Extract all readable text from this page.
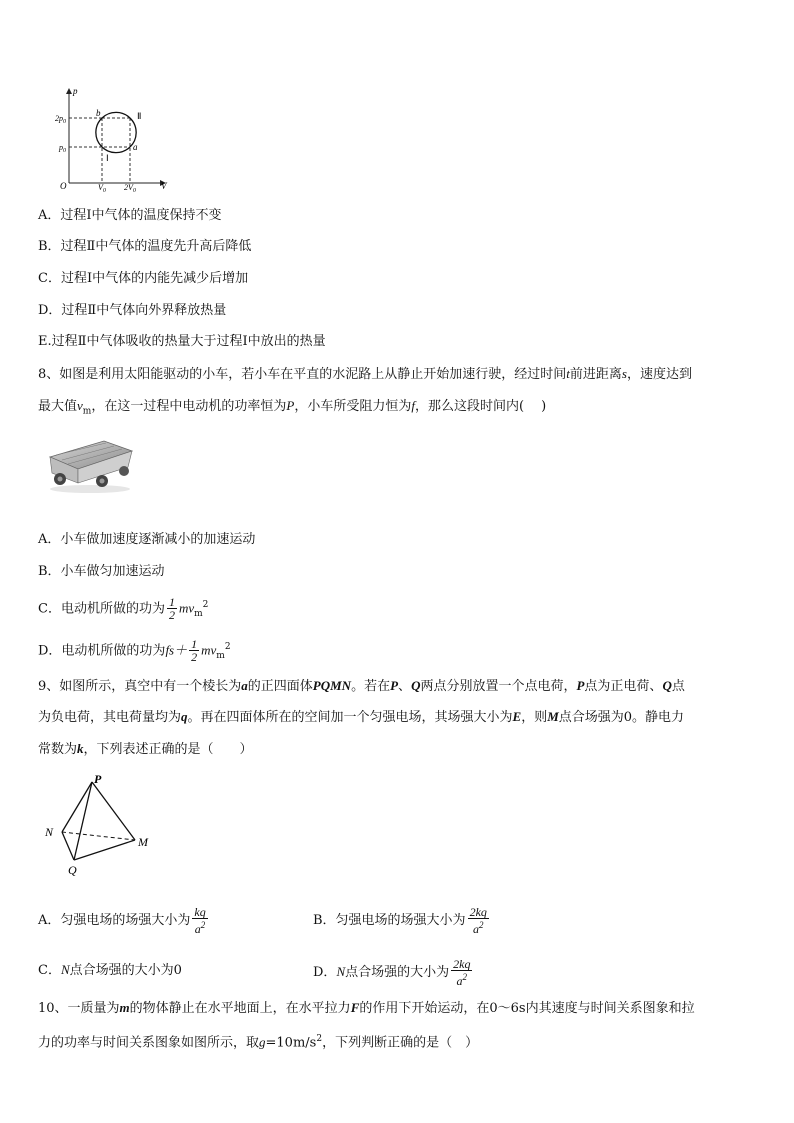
p
V
O
$2p_0$
$p_0$
$V_0$ $2V_0$
b
a
Ⅰ
Ⅱ
A．过程Ⅰ中气体的温度保持不变
B．过程Ⅱ中气体的温度先升高后降低
C．过程Ⅰ中气体的内能先减少后增加
D．过程Ⅱ中气体向外界释放热量
E.过程Ⅱ中气体吸收的热量大于过程Ⅰ中放出的热量
8、如图是利用太阳能驱动的小车，若小车在平直的水泥路上从静止开始加速行驶，经过时间t前进距离s，速度达到
最大值$v_m$，在这一过程中电动机的功率恒为P，小车所受阻力恒为f，那么这段时间内(　 )
A．小车做加速度逐渐减小的加速运动
B．小车做匀加速运动
C．电动机所做的功为 $\frac{1}{2} mv_m^2$
D．电动机所做的功为$fs+ \frac{1}{2} mv_m^2$
9、如图所示，真空中有一个棱长为a的正四面体PQMN。若在P、Q两点分别放置一个点电荷，P点为正电荷、Q点
为负电荷，其电荷量均为q。再在四面体所在的空间加一个匀强电场，其场强大小为E，则M点合场强为0。静电力
常数为k，下列表述正确的是（　　）
P
N
M
Q
A．匀强电场的场强大小为 $\frac{kq}{a^2}$	B．匀强电场的场强大小为 $\frac{2kq}{a^2}$
C．N点合场强的大小为0	D．N点合场强的大小为 $\frac{2kq}{a^2}$
10、一质量为m的物体静止在水平地面上，在水平拉力F的作用下开始运动，在0～6s内其速度与时间关系图象和拉
力的功率与时间关系图象如图所示，取$g=10m/s^2$，下列判断正确的是（　）
